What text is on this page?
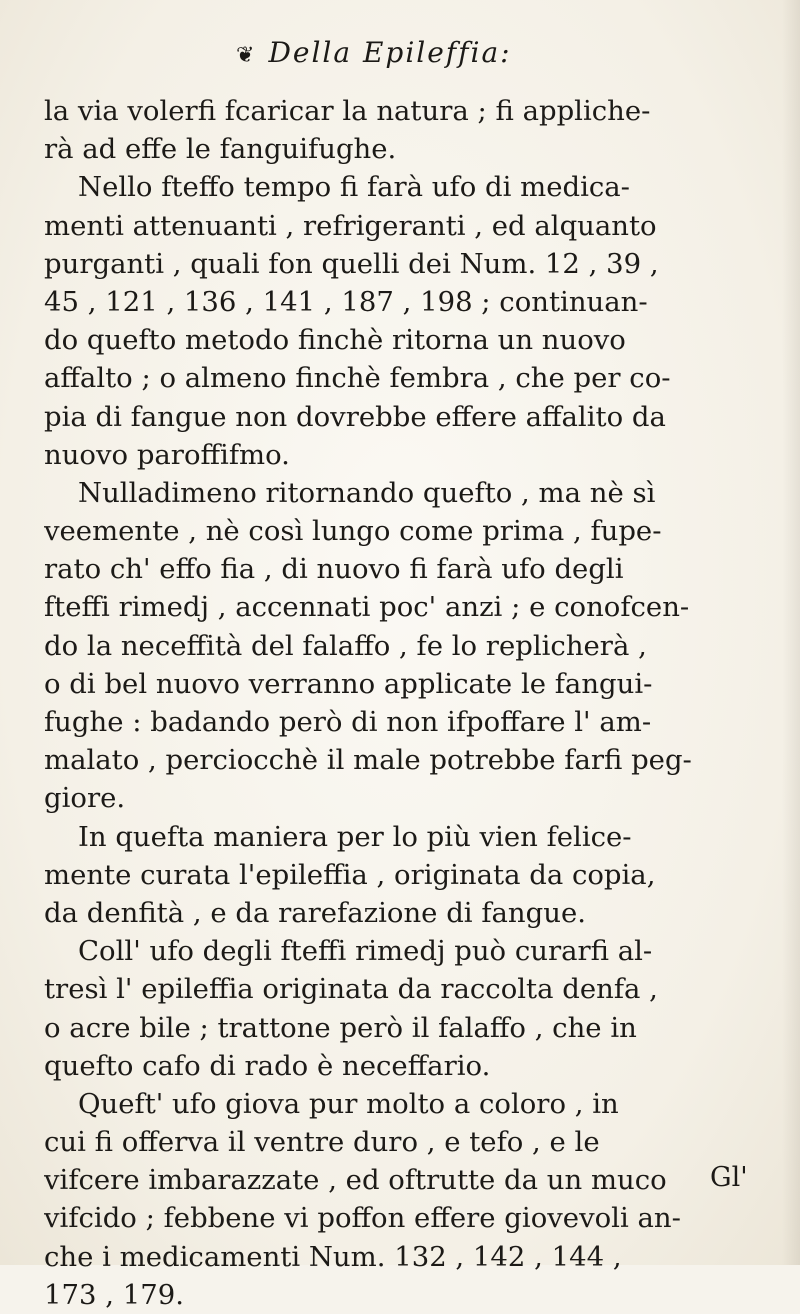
❦ Della Epileffia:
la via volerfi fcaricar la natura ; fi appliche-
rà ad effe le fanguifughe.
Nello fteffo tempo fi farà ufo di medica-
menti attenuanti , refrigeranti , ed alquanto
purganti , quali fon quelli dei Num. 12 , 39 ,
45 , 121 , 136 , 141 , 187 , 198 ; continuan-
do quefto metodo finchè ritorna un nuovo
affalto ; o almeno finchè fembra , che per co-
pia di fangue non dovrebbe effere affalito da
nuovo paroffifmo.
Nulladimeno ritornando quefto , ma nè sì
veemente , nè così lungo come prima , fupe-
rato ch' effo fia , di nuovo fi farà ufo degli
fteffi rimedj , accennati poc' anzi ; e conofcen-
do la neceffità del falaffo , fe lo replicherà ,
o di bel nuovo verranno applicate le fangui-
fughe : badando però di non ifpoffare l' am-
malato , perciocchè il male potrebbe farfi peg-
giore.
In quefta maniera per lo più vien felice-
mente curata l'epileffia , originata da copia,
da denfità , e da rarefazione di fangue.
Coll' ufo degli fteffi rimedj può curarfi al-
tresì l' epileffia originata da raccolta denfa ,
o acre bile ; trattone però il falaffo , che in
quefto cafo di rado è neceffario.
Queft' ufo giova pur molto a coloro , in
cui fi offerva il ventre duro , e tefo , e le
vifcere imbarazzate , ed oftrutte da un muco
vifcido ; febbene vi poffon effere giovevoli an-
che i medicamenti Num. 132 , 142 , 144 ,
173 , 179.
Gl'
